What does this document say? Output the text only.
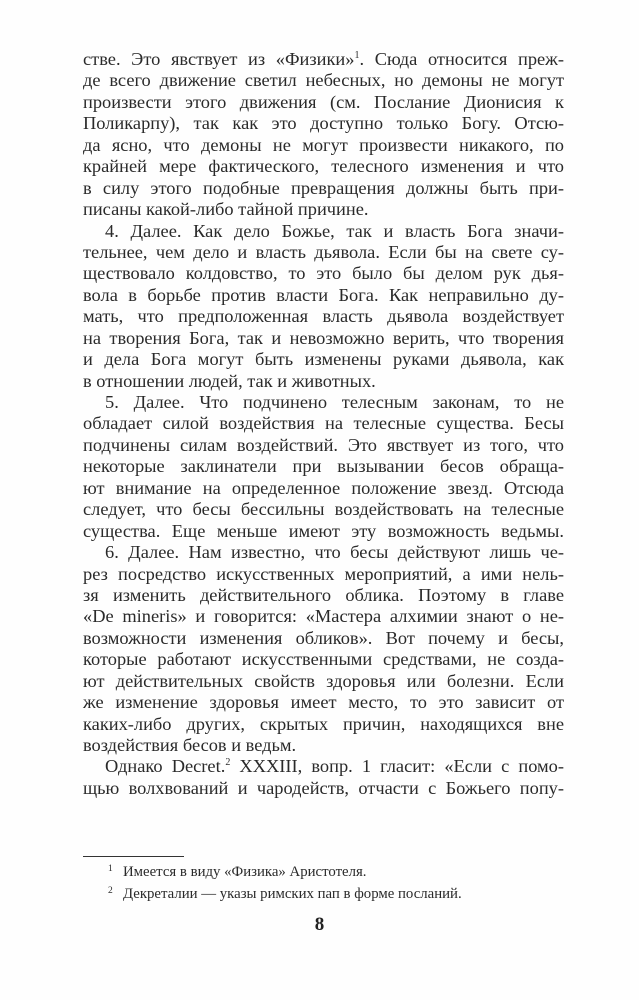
стве. Это явствует из «Физики»$^1$. Сюда относится преж-
де всего движение светил небесных, но демоны не могут
произвести этого движения (см. Послание Дионисия к
Поликарпу), так как это доступно только Богу. Отсю-
да ясно, что демоны не могут произвести никакого, по
крайней мере фактического, телесного изменения и что
в силу этого подобные превращения должны быть при-
писаны какой-либо тайной причине.
4. Далее. Как дело Божье, так и власть Бога значи-
тельнее, чем дело и власть дьявола. Если бы на свете су-
ществовало колдовство, то это было бы делом рук дья-
вола в борьбе против власти Бога. Как неправильно ду-
мать, что предположенная власть дьявола воздействует
на творения Бога, так и невозможно верить, что творения
и дела Бога могут быть изменены руками дьявола, как
в отношении людей, так и животных.
5. Далее. Что подчинено телесным законам, то не
обладает силой воздействия на телесные существа. Бесы
подчинены силам воздействий. Это явствует из того, что
некоторые заклинатели при вызывании бесов обраща-
ют внимание на определенное положение звезд. Отсюда
следует, что бесы бессильны воздействовать на телесные
существа. Еще меньше имеют эту возможность ведьмы.
6. Далее. Нам известно, что бесы действуют лишь че-
рез посредство искусственных мероприятий, а ими нель-
зя изменить действительного облика. Поэтому в главе
«De mineris» и говорится: «Мастера алхимии знают о не-
возможности изменения обликов». Вот почему и бесы,
которые работают искусственными средствами, не созда-
ют действительных свойств здоровья или болезни. Если
же изменение здоровья имеет место, то это зависит от
каких-либо других, скрытых причин, находящихся вне
воздействия бесов и ведьм.
Однако Decret.$^2$ XXXIII, вопр. 1 гласит: «Если с помо-
щью волхвований и чародейств, отчасти с Божьего попу-
1 Имеется в виду «Физика» Аристотеля.
2 Декреталии — указы римских пап в форме посланий.
8
